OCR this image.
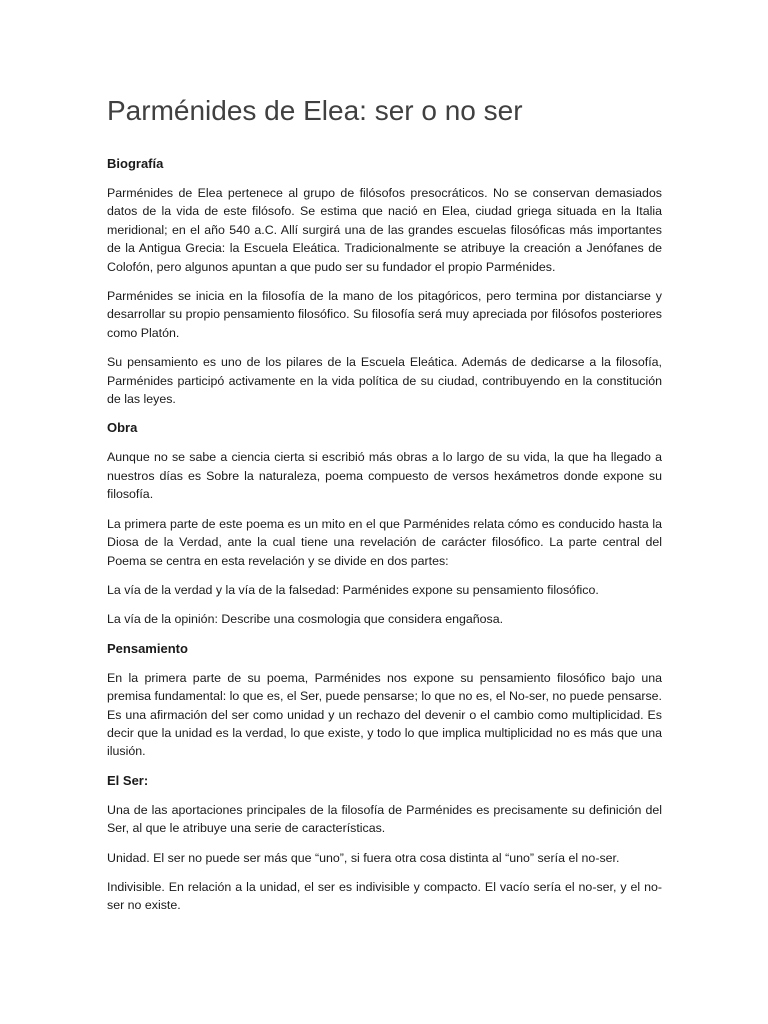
Parménides de Elea: ser o no ser
Biografía

Parménides de Elea pertenece al grupo de filósofos presocráticos. No se conservan demasiados datos de la vida de este filósofo. Se estima que nació en Elea, ciudad griega situada en la Italia meridional; en el año 540 a.C. Allí surgirá una de las grandes escuelas filosóficas más importantes de la Antigua Grecia: la Escuela Eleática. Tradicionalmente se atribuye la creación a Jenófanes de Colofón, pero algunos apuntan a que pudo ser su fundador el propio Parménides.

Parménides se inicia en la filosofía de la mano de los pitagóricos, pero termina por distanciarse y desarrollar su propio pensamiento filosófico. Su filosofía será muy apreciada por filósofos posteriores como Platón.

Su pensamiento es uno de los pilares de la Escuela Eleática. Además de dedicarse a la filosofía, Parménides participó activamente en la vida política de su ciudad, contribuyendo en la constitución de las leyes.

Obra

Aunque no se sabe a ciencia cierta si escribió más obras a lo largo de su vida, la que ha llegado a nuestros días es Sobre la naturaleza, poema compuesto de versos hexámetros donde expone su filosofía.

La primera parte de este poema es un mito en el que Parménides relata cómo es conducido hasta la Diosa de la Verdad, ante la cual tiene una revelación de carácter filosófico. La parte central del Poema se centra en esta revelación y se divide en dos partes:

La vía de la verdad y la vía de la falsedad: Parménides expone su pensamiento filosófico.

La vía de la opinión: Describe una cosmologia que considera engañosa.

Pensamiento

En la primera parte de su poema, Parménides nos expone su pensamiento filosófico bajo una premisa fundamental: lo que es, el Ser, puede pensarse; lo que no es, el No-ser, no puede pensarse. Es una afirmación del ser como unidad y un rechazo del devenir o el cambio como multiplicidad. Es decir que la unidad es la verdad, lo que existe, y todo lo que implica multiplicidad no es más que una ilusión.

El Ser:

Una de las aportaciones principales de la filosofía de Parménides es precisamente su definición del Ser, al que le atribuye una serie de características.

Unidad. El ser no puede ser más que “uno”, si fuera otra cosa distinta al “uno” sería el no-ser.

Indivisible. En relación a la unidad, el ser es indivisible y compacto. El vacío sería el no-ser, y el no-ser no existe.
